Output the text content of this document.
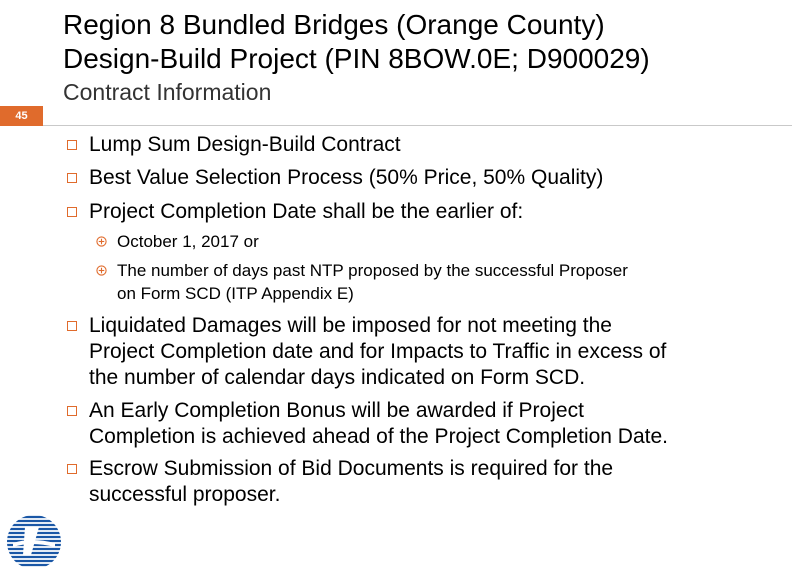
Region 8 Bundled Bridges (Orange County)
Design-Build Project (PIN 8BOW.0E; D900029)
Contract Information
45
Lump Sum Design-Build Contract
Best Value Selection Process (50% Price, 50% Quality)
Project Completion Date shall be the earlier of:
October 1, 2017 or
The number of days past NTP proposed by the successful Proposer
on Form SCD (ITP Appendix E)
Liquidated Damages will be imposed for not meeting the
Project Completion date and for Impacts to Traffic in excess of
the number of calendar days indicated on Form SCD.
An Early Completion Bonus will be awarded if Project
Completion is achieved ahead of the Project Completion Date.
Escrow Submission of Bid Documents is required for the
successful proposer.
